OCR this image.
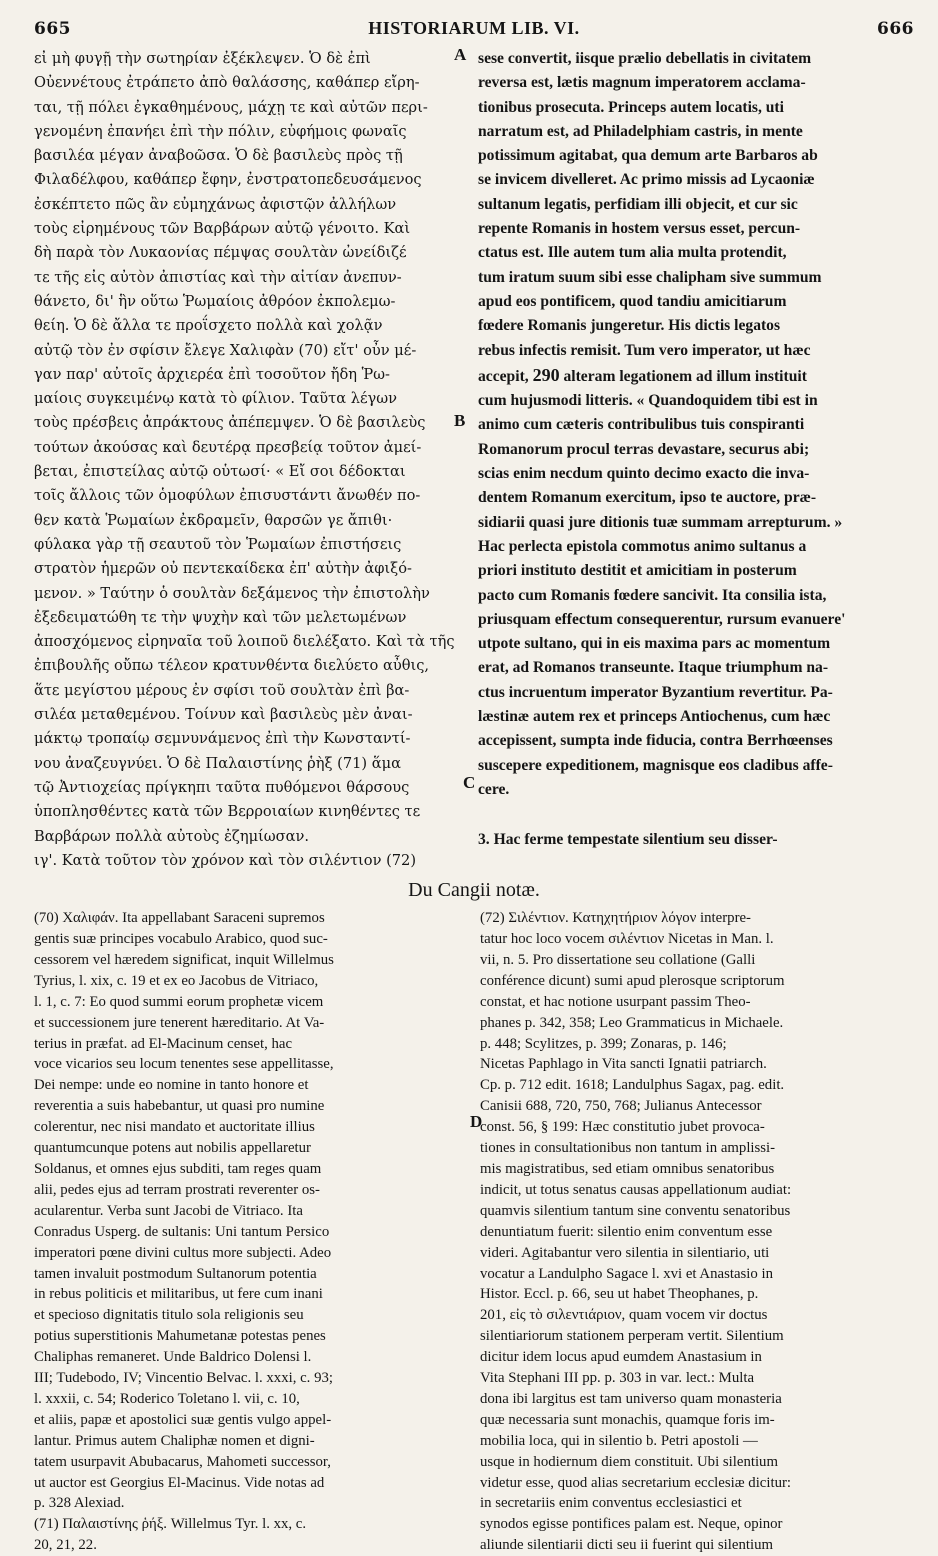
665	HISTORIARUM LIB. VI.	666

εἰ μὴ φυγῇ τὴν σωτηρίαν ἐξέκλεψεν. Ὁ δὲ ἐπὶ
Οὐεννέτους ἐτράπετο ἀπὸ θαλάσσης, καθάπερ εἴρη-
ται, τῇ πόλει ἐγκαθημένους, μάχῃ τε καὶ αὐτῶν περι-
γενομένη ἐπανήει ἐπὶ τὴν πόλιν, εὐφήμοις φωναῖς
βασιλέα μέγαν ἀναβοῶσα. Ὁ δὲ βασιλεὺς πρὸς τῇ
Φιλαδέλφου, καθάπερ ἔφην, ἐνστρατοπεδευσάμενος
ἐσκέπτετο πῶς ἂν εὐμηχάνως ἀφιστῷν ἀλλήλων
τοὺς εἰρημένους τῶν Βαρβάρων αὐτῷ γένοιτο. Καὶ
δὴ παρὰ τὸν Λυκαονίας πέμψας σουλτὰν ὠνείδιζέ
τε τῆς εἰς αὐτὸν ἀπιστίας καὶ τὴν αἰτίαν ἀνεπυν-
θάνετο, δι' ἣν οὕτω Ῥωμαίοις ἀθρόον ἐκπολεμω-
θείη. Ὁ δὲ ἄλλα τε προΐσχετο πολλὰ καὶ χολᾷν
αὐτῷ τὸν ἐν σφίσιν ἔλεγε Χαλιφὰν (70) εἴτ' οὖν μέ-
γαν παρ' αὐτοῖς ἀρχιερέα ἐπὶ τοσοῦτον ἤδη Ῥω-
μαίοις συγκειμένῳ κατὰ τὸ φίλιον. Ταῦτα λέγων
τοὺς πρέσβεις ἀπράκτους ἀπέπεμψεν. Ὁ δὲ βασιλεὺς
τούτων ἀκούσας καὶ δευτέρᾳ πρεσβείᾳ τοῦτον ἀμεί-
βεται, ἐπιστείλας αὐτῷ οὑτωσί· « Εἴ σοι δέδοκται
τοῖς ἄλλοις τῶν ὁμοφύλων ἐπισυστάντι ἄνωθέν πο-
θεν κατὰ Ῥωμαίων ἐκδραμεῖν, θαρσῶν γε ἄπιθι·
φύλακα γὰρ τῇ σεαυτοῦ τὸν Ῥωμαίων ἐπιστήσεις
στρατὸν ἡμερῶν οὐ πεντεκαίδεκα ἐπ' αὐτὴν ἀφιξό-
μενον. » Ταύτην ὁ σουλτὰν δεξάμενος τὴν ἐπιστολὴν
ἐξεδειματώθη τε τὴν ψυχὴν καὶ τῶν μελετωμένων
ἀποσχόμενος εἰρηναῖα τοῦ λοιποῦ διελέξατο. Καὶ τὰ τῆς
ἐπιβουλῆς οὔπω τέλεον κρατυνθέντα διελύετο αὖθις,
ἅτε μεγίστου μέρους ἐν σφίσι τοῦ σουλτὰν ἐπὶ βα-
σιλέα μεταθεμένου. Τοίνυν καὶ βασιλεὺς μὲν ἀναι-
μάκτῳ τροπαίῳ σεμνυνάμενος ἐπὶ τὴν Κωνσταντί-
νου ἀναζευγνύει. Ὁ δὲ Παλαιστίνης ῥὴξ (71) ἅμα
τῷ Ἀντιοχείας πρίγκηπι ταῦτα πυθόμενοι θάρσους
ὑποπλησθέντες κατὰ τῶν Βερροιαίων κινηθέντες τε
Βαρβάρων πολλὰ αὐτοὺς ἐζημίωσαν.
ιγ'. Κατὰ τοῦτον τὸν χρόνον καὶ τὸν σιλέντιον (72)

sese convertit, iisque prælio debellatis in civitatem
reversa est, lætis magnum imperatorem acclama-
tionibus prosecuta. Princeps autem locatis, uti
narratum est, ad Philadelphiam castris, in mente
potissimum agitabat, qua demum arte Barbaros ab
se invicem divelleret. Ac primo missis ad Lycaoniæ
sultanum legatis, perfidiam illi objecit, et cur sic
repente Romanis in hostem versus esset, percun-
ctatus est. Ille autem tum alia multa protendit,
tum iratum suum sibi esse chalipham sive summum
apud eos pontificem, quod tandiu amicitiarum
fœdere Romanis jungeretur. His dictis legatos
rebus infectis remisit. Tum vero imperator, ut hæc
accepit, 290 alteram legationem ad illum instituit
cum hujusmodi litteris. « Quandoquidem tibi est in
animo cum cæteris contribulibus tuis conspiranti
Romanorum procul terras devastare, securus abi;
scias enim necdum quinto decimo exacto die inva-
dentem Romanum exercitum, ipso te auctore, præ-
sidiarii quasi jure ditionis tuæ summam arrepturum. »
Hac perlecta epistola commotus animo sultanus a
priori instituto destitit et amicitiam in posterum
pacto cum Romanis fœdere sancivit. Ita consilia ista,
priusquam effectum consequerentur, rursum evanuere'
utpote sultano, qui in eis maxima pars ac momentum
erat, ad Romanos transeunte. Itaque triumphum na-
ctus incruentum imperator Byzantium revertitur. Pa-
læstinæ autem rex et princeps Antiochenus, cum hæc
accepissent, sumpta inde fiducia, contra Berrhœenses
suscepere expeditionem, magnisque eos cladibus affe-
cere.

3. Hac ferme tempestate silentium seu disser-

A
B
C
Du Cangii notæ.

(70) Χαλιφάν. Ita appellabant Saraceni supremos
gentis suæ principes vocabulo Arabico, quod suc-
cessorem vel hæredem significat, inquit Willelmus
Tyrius, l. xix, c. 19 et ex eo Jacobus de Vitriaco,
l. 1, c. 7: Eo quod summi eorum prophetæ vicem
et successionem jure tenerent hæreditario. At Va-
terius in præfat. ad El-Macinum censet, hac
voce vicarios seu locum tenentes sese appellitasse,
Dei nempe: unde eo nomine in tanto honore et
reverentia a suis habebantur, ut quasi pro numine
colerentur, nec nisi mandato et auctoritate illius
quantumcunque potens aut nobilis appellaretur
Soldanus, et omnes ejus subditi, tam reges quam
alii, pedes ejus ad terram prostrati reverenter os-
acularentur. Verba sunt Jacobi de Vitriaco. Ita
Conradus Usperg. de sultanis: Uni tantum Persico
imperatori pœne divini cultus more subjecti. Adeo
tamen invaluit postmodum Sultanorum potentia
in rebus politicis et militaribus, ut fere cum inani
et specioso dignitatis titulo sola religionis seu
potius superstitionis Mahumetanæ potestas penes
Chaliphas remaneret. Unde Baldrico Dolensi l.
III; Tudebodo, IV; Vincentio Belvac. l. xxxi, c. 93;
l. xxxii, c. 54; Roderico Toletano l. vii, c. 10,
et aliis, papæ et apostolici suæ gentis vulgo appel-
lantur. Primus autem Chaliphæ nomen et digni-
tatem usurpavit Abubacarus, Mahometi successor,
ut auctor est Georgius El-Macinus. Vide notas ad
p. 328 Alexiad.
(71) Παλαιστίνης ῥήξ. Willelmus Tyr. l. xx, c.
20, 21, 22.

(72) Σιλέντιον. Κατηχητήριον λόγον interpre-
tatur hoc loco vocem σιλέντιον Nicetas in Man. l.
vii, n. 5. Pro dissertatione seu collatione (Galli
conférence dicunt) sumi apud plerosque scriptorum
constat, et hac notione usurpant passim Theo-
phanes p. 342, 358; Leo Grammaticus in Michaele.
p. 448; Scylitzes, p. 399; Zonaras, p. 146;
Nicetas Paphlago in Vita sancti Ignatii patriarch.
Cp. p. 712 edit. 1618; Landulphus Sagax, pag. edit.
Canisii 688, 720, 750, 768; Julianus Antecessor
const. 56, § 199: Hæc constitutio jubet provoca-
tiones in consultationibus non tantum in amplissi-
mis magistratibus, sed etiam omnibus senatoribus
indicit, ut totus senatus causas appellationum audiat:
quamvis silentium tantum sine conventu senatoribus
denuntiatum fuerit: silentio enim conventum esse
videri. Agitabantur vero silentia in silentiario, uti
vocatur a Landulpho Sagace l. xvi et Anastasio in
Histor. Eccl. p. 66, seu ut habet Theophanes, p.
201, εἰς τὸ σιλεντιάριον, quam vocem vir doctus
silentiariorum stationem perperam vertit. Silentium
dicitur idem locus apud eumdem Anastasium in
Vita Stephani III pp. p. 303 in var. lect.: Multa
dona ibi largitus est tam universo quam monasteria
quæ necessaria sunt monachis, quamque foris im-
mobilia loca, qui in silentio b. Petri apostoli —
usque in hodiernum diem constituit. Ubi silentium
videtur esse, quod alias secretarium ecclesiæ dicitur:
in secretariis enim conventus ecclesiastici et
synodos egisse pontifices palam est. Neque, opinor
aliunde silentiarii dicti seu ii fuerint qui silentium

D
